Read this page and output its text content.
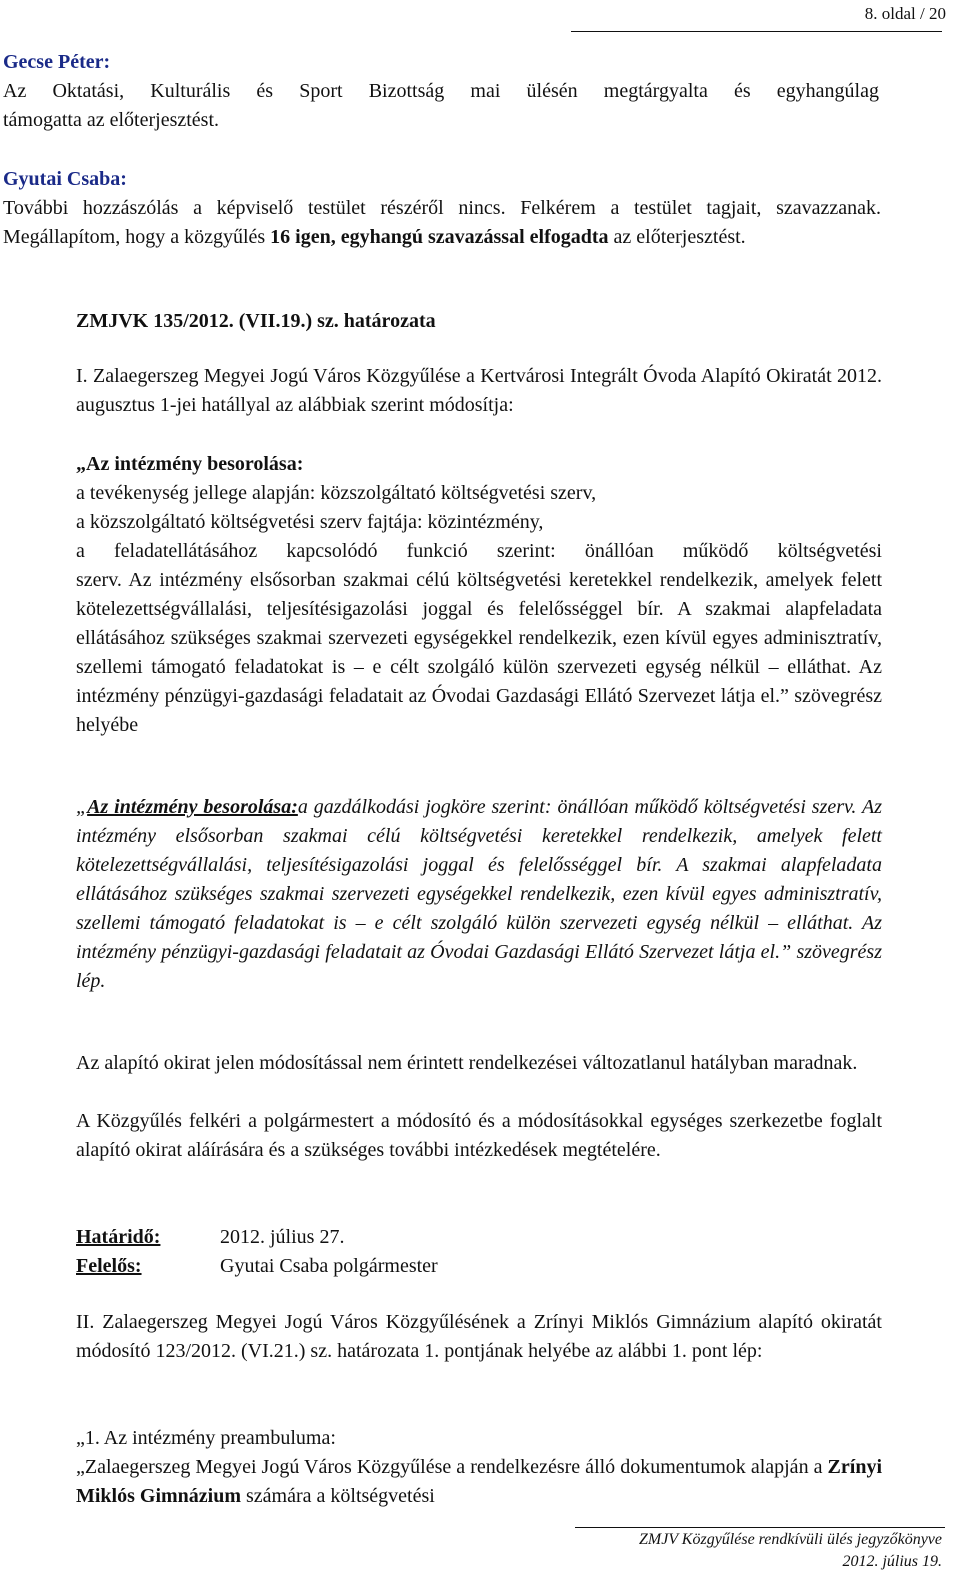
8. oldal / 20
Gecse Péter:
Az Oktatási, Kulturális és Sport Bizottság mai ülésén megtárgyalta és egyhangúlag
támogatta az előterjesztést.
Gyutai Csaba:
További hozzászólás a képviselő testület részéről nincs. Felkérem a testület tagjait, szavazzanak. Megállapítom, hogy a közgyűlés 16 igen, egyhangú szavazással elfogadta az előterjesztést.
ZMJVK 135/2012. (VII.19.) sz. határozata
I. Zalaegerszeg Megyei Jogú Város Közgyűlése a Kertvárosi Integrált Óvoda Alapító Okiratát 2012. augusztus 1-jei hatállyal az alábbiak szerint módosítja:
„Az intézmény besorolása:
a tevékenység jellege alapján: közszolgáltató költségvetési szerv,
a közszolgáltató költségvetési szerv fajtája: közintézmény,
a feladatellátásához kapcsolódó funkció szerint: önállóan működő költségvetési
szerv. Az intézmény elsősorban szakmai célú költségvetési keretekkel rendelkezik, amelyek felett kötelezettségvállalási, teljesítésigazolási joggal és felelősséggel bír. A szakmai alapfeladata ellátásához szükséges szakmai szervezeti egységekkel rendelkezik, ezen kívül egyes adminisztratív, szellemi támogató feladatokat is – e célt szolgáló külön szervezeti egység nélkül – elláthat. Az intézmény pénzügyi-gazdasági feladatait az Óvodai Gazdasági Ellátó Szervezet látja el.” szövegrész helyébe
„Az intézmény besorolása:a gazdálkodási jogköre szerint: önállóan működő költségvetési szerv. Az intézmény elsősorban szakmai célú költségvetési keretekkel rendelkezik, amelyek felett kötelezettségvállalási, teljesítésigazolási joggal és felelősséggel bír. A szakmai alapfeladata ellátásához szükséges szakmai szervezeti egységekkel rendelkezik, ezen kívül egyes adminisztratív, szellemi támogató feladatokat is – e célt szolgáló külön szervezeti egység nélkül – elláthat. Az intézmény pénzügyi-gazdasági feladatait az Óvodai Gazdasági Ellátó Szervezet látja el.” szövegrész lép.
Az alapító okirat jelen módosítással nem érintett rendelkezései változatlanul hatályban maradnak.
A Közgyűlés felkéri a polgármestert a módosító és a módosításokkal egységes szerkezetbe foglalt alapító okirat aláírására és a szükséges további intézkedések megtételére.
Határidő:	2012. július 27.
Felelős:	Gyutai Csaba polgármester
II. Zalaegerszeg Megyei Jogú Város Közgyűlésének a Zrínyi Miklós Gimnázium alapító okiratát módosító 123/2012. (VI.21.) sz. határozata 1. pontjának helyébe az alábbi 1. pont lép:
„1. Az intézmény preambuluma:
„Zalaegerszeg Megyei Jogú Város Közgyűlése a rendelkezésre álló dokumentumok alapján a Zrínyi Miklós Gimnázium számára a költségvetési
ZMJV Közgyűlése rendkívüli ülés jegyzőkönyve
2012. július 19.
